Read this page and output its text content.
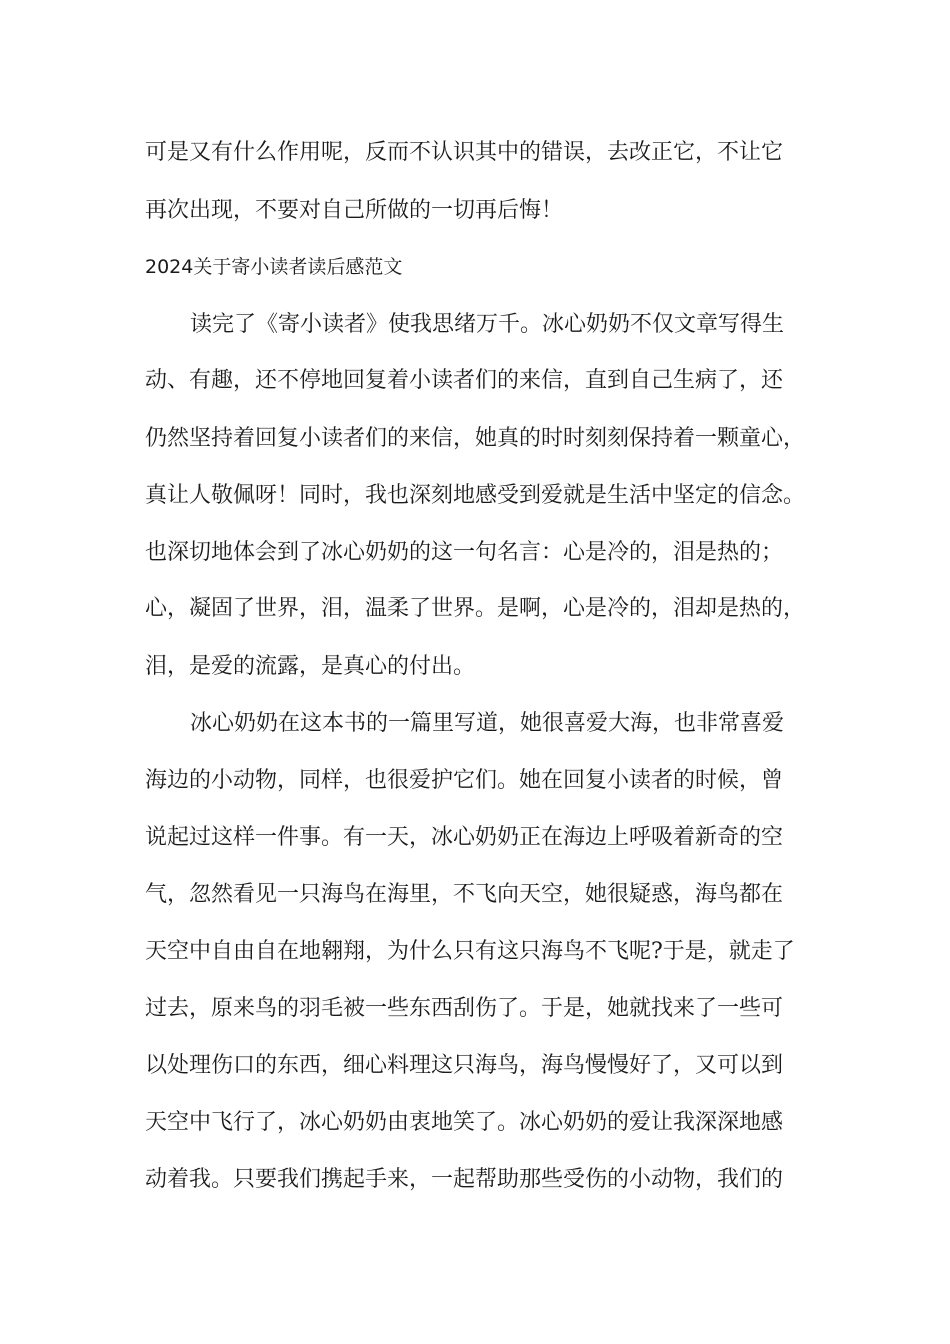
可是又有什么作用呢，反而不认识其中的错误，去改正它，不让它
再次出现，不要对自己所做的一切再后悔！
2024关于寄小读者读后感范文
读完了《寄小读者》使我思绪万千。冰心奶奶不仅文章写得生
动、有趣，还不停地回复着小读者们的来信，直到自己生病了，还
仍然坚持着回复小读者们的来信，她真的时时刻刻保持着一颗童心，
真让人敬佩呀！同时，我也深刻地感受到爱就是生活中坚定的信念。
也深切地体会到了冰心奶奶的这一句名言：心是冷的，泪是热的；
心，凝固了世界，泪，温柔了世界。是啊，心是冷的，泪却是热的，
泪，是爱的流露，是真心的付出。
冰心奶奶在这本书的一篇里写道，她很喜爱大海，也非常喜爱
海边的小动物，同样，也很爱护它们。她在回复小读者的时候，曾
说起过这样一件事。有一天，冰心奶奶正在海边上呼吸着新奇的空
气，忽然看见一只海鸟在海里，不飞向天空，她很疑惑，海鸟都在
天空中自由自在地翱翔，为什么只有这只海鸟不飞呢?于是，就走了
过去，原来鸟的羽毛被一些东西刮伤了。于是，她就找来了一些可
以处理伤口的东西，细心料理这只海鸟，海鸟慢慢好了，又可以到
天空中飞行了，冰心奶奶由衷地笑了。冰心奶奶的爱让我深深地感
动着我。只要我们携起手来，一起帮助那些受伤的小动物，我们的
